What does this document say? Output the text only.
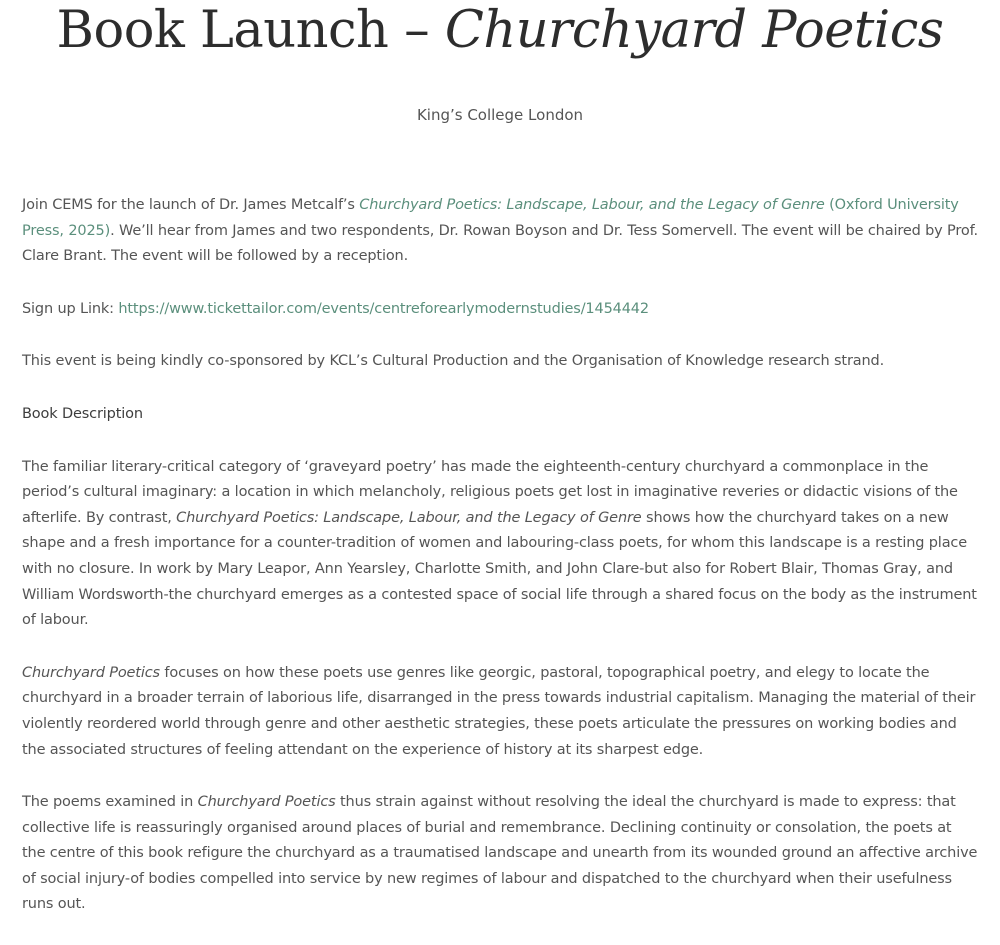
Book Launch – Churchyard Poetics
King’s College London

Join CEMS for the launch of Dr. James Metcalf’s Churchyard Poetics: Landscape, Labour, and the Legacy of Genre (Oxford University Press, 2025). We’ll hear from James and two respondents, Dr. Rowan Boyson and Dr. Tess Somervell. The event will be chaired by Prof. Clare Brant. The event will be followed by a reception.

Sign up Link: https://www.tickettailor.com/events/centreforearlymodernstudies/1454442

This event is being kindly co-sponsored by KCL’s Cultural Production and the Organisation of Knowledge research strand.

Book Description

The familiar literary-critical category of ‘graveyard poetry’ has made the eighteenth-century churchyard a commonplace in the period’s cultural imaginary: a location in which melancholy, religious poets get lost in imaginative reveries or didactic visions of the afterlife. By contrast, Churchyard Poetics: Landscape, Labour, and the Legacy of Genre shows how the churchyard takes on a new shape and a fresh importance for a counter-tradition of women and labouring-class poets, for whom this landscape is a resting place with no closure. In work by Mary Leapor, Ann Yearsley, Charlotte Smith, and John Clare-but also for Robert Blair, Thomas Gray, and William Wordsworth-the churchyard emerges as a contested space of social life through a shared focus on the body as the instrument of labour.

Churchyard Poetics focuses on how these poets use genres like georgic, pastoral, topographical poetry, and elegy to locate the churchyard in a broader terrain of laborious life, disarranged in the press towards industrial capitalism. Managing the material of their violently reordered world through genre and other aesthetic strategies, these poets articulate the pressures on working bodies and the associated structures of feeling attendant on the experience of history at its sharpest edge.

The poems examined in Churchyard Poetics thus strain against without resolving the ideal the churchyard is made to express: that collective life is reassuringly organised around places of burial and remembrance. Declining continuity or consolation, the poets at the centre of this book refigure the churchyard as a traumatised landscape and unearth from its wounded ground an affective archive of social injury-of bodies compelled into service by new regimes of labour and dispatched to the churchyard when their usefulness runs out.
